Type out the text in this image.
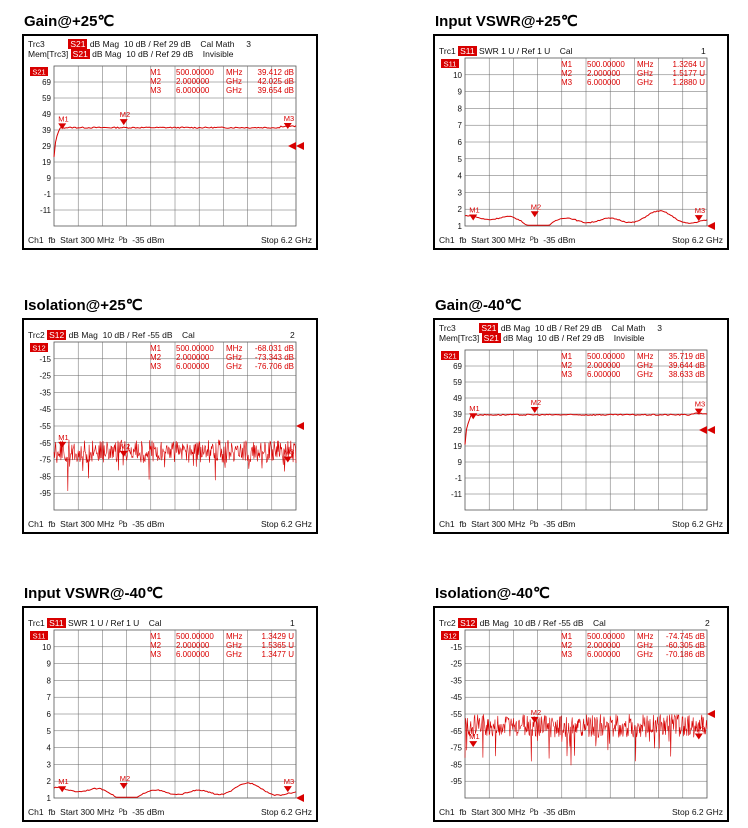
Gain@+25℃
Trc3	S21 dB Mag 10 dB / Ref 29 dB Cal Math 3
Mem[Trc3] S21 dB Mag 10 dB / Ref 29 dB Invisible
69
59
49
39
29
19
9
-1
-11
S21	M1 500.00000 MHz 39.412 dB
M2 2.000000 GHz 42.025 dB
M3 6.000000 GHz 39.654 dB
M1	M2	M3
Ch1 fb Start 300 MHz ᴾb -35 dBm	Stop 6.2 GHz
Input VSWR@+25℃
Trc1 S11 SWR 1 U / Ref 1 U Cal	1
10
9
8
7
6
5
4
3
2
1
S11	M1 500.00000 MHz 1.3264 U
M2 2.000000 GHz 1.5177 U
M3 6.000000 GHz 1.2880 U
M1	M2	M3
Ch1 fb Start 300 MHz ᴾb -35 dBm	Stop 6.2 GHz
Isolation@+25℃
Trc2 S12 dB Mag 10 dB / Ref -55 dB Cal	2
-15
-25
-35
-45
-55
-65
-75
-85
-95
S12	M1 500.00000 MHz -68.031 dB
M2 2.000000 GHz -73.343 dB
M3 6.000000 GHz -76.706 dB
M1
M2
M3
Ch1 fb Start 300 MHz ᴾb -35 dBm	Stop 6.2 GHz
Gain@-40℃
Trc3	S21 dB Mag 10 dB / Ref 29 dB Cal Math 3
Mem[Trc3] S21 dB Mag 10 dB / Ref 29 dB Invisible
69
59
49
39
29
19
9
-1
-11
S21	M1 500.00000 MHz 35.719 dB
M2 2.000000 GHz 39.644 dB
M3 6.000000 GHz 38.633 dB
M1
M2	M3
Ch1 fb Start 300 MHz ᴾb -35 dBm	Stop 6.2 GHz
Input VSWR@-40℃
Trc1 S11 SWR 1 U / Ref 1 U Cal	1
10
9
8
7
6
5
4
3
2
1
S11	M1 500.00000 MHz 1.3429 U
M2 2.000000 GHz 1.5365 U
M3 6.000000 GHz 1.3477 U
M1	M2	M3
Ch1 fb Start 300 MHz ᴾb -35 dBm	Stop 6.2 GHz
Isolation@-40℃
Trc2 S12 dB Mag 10 dB / Ref -55 dB Cal	2
-15
-25
-35
-45
-55
-65
-75
-85
-95
S12	M1 500.00000 MHz -74.745 dB
M2 2.000000 GHz -60.305 dB
M3 6.000000 GHz -70.186 dB
M1
M2
M3
Ch1 fb Start 300 MHz ᴾb -35 dBm	Stop 6.2 GHz
